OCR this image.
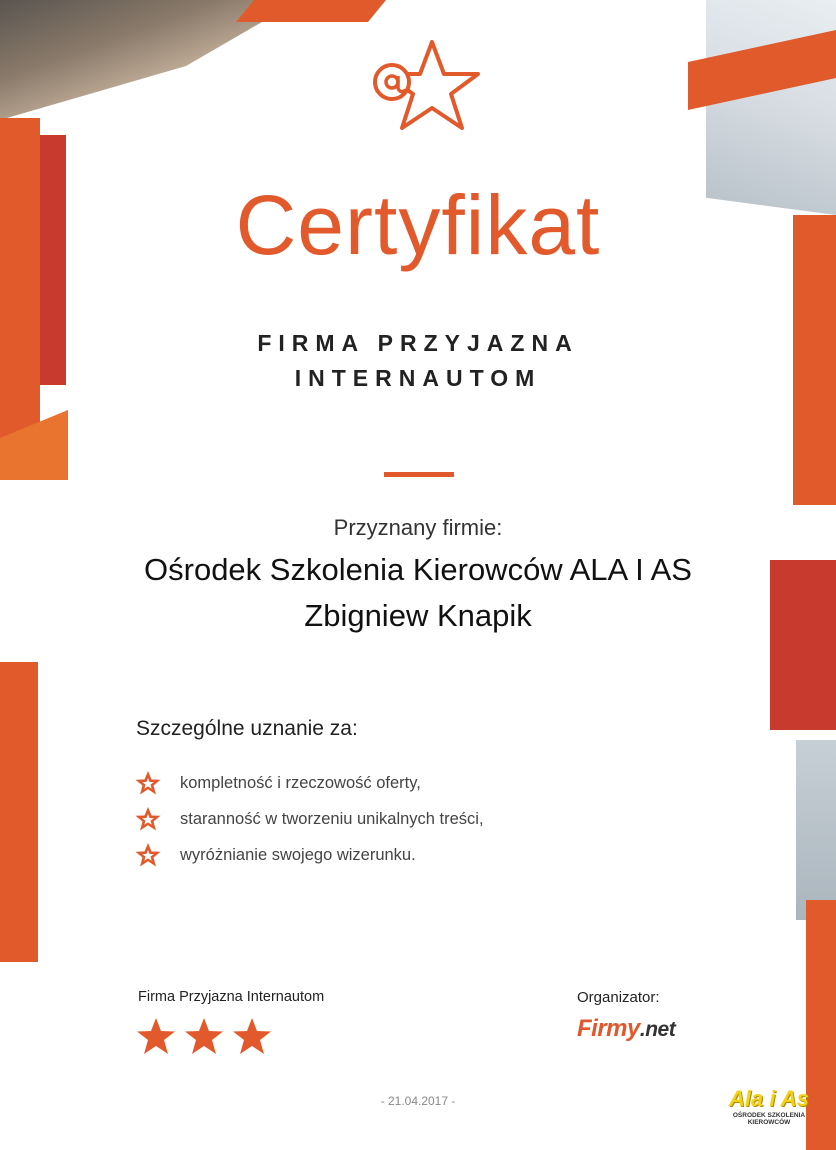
Certyfikat
FIRMA PRZYJAZNA
INTERNAUTOM
Przyznany firmie:
Ośrodek Szkolenia Kierowców ALA I AS
Zbigniew Knapik
Szczególne uznanie za:
kompletność i rzeczowość oferty,
staranność w tworzeniu unikalnych treści,
wyróżnianie swojego wizerunku.
Firma Przyjazna Internautom	Organizator:
Firmy.net
- 21.04.2017 -	Ala i As
OŚRODEK SZKOLENIA KIEROWCÓW
